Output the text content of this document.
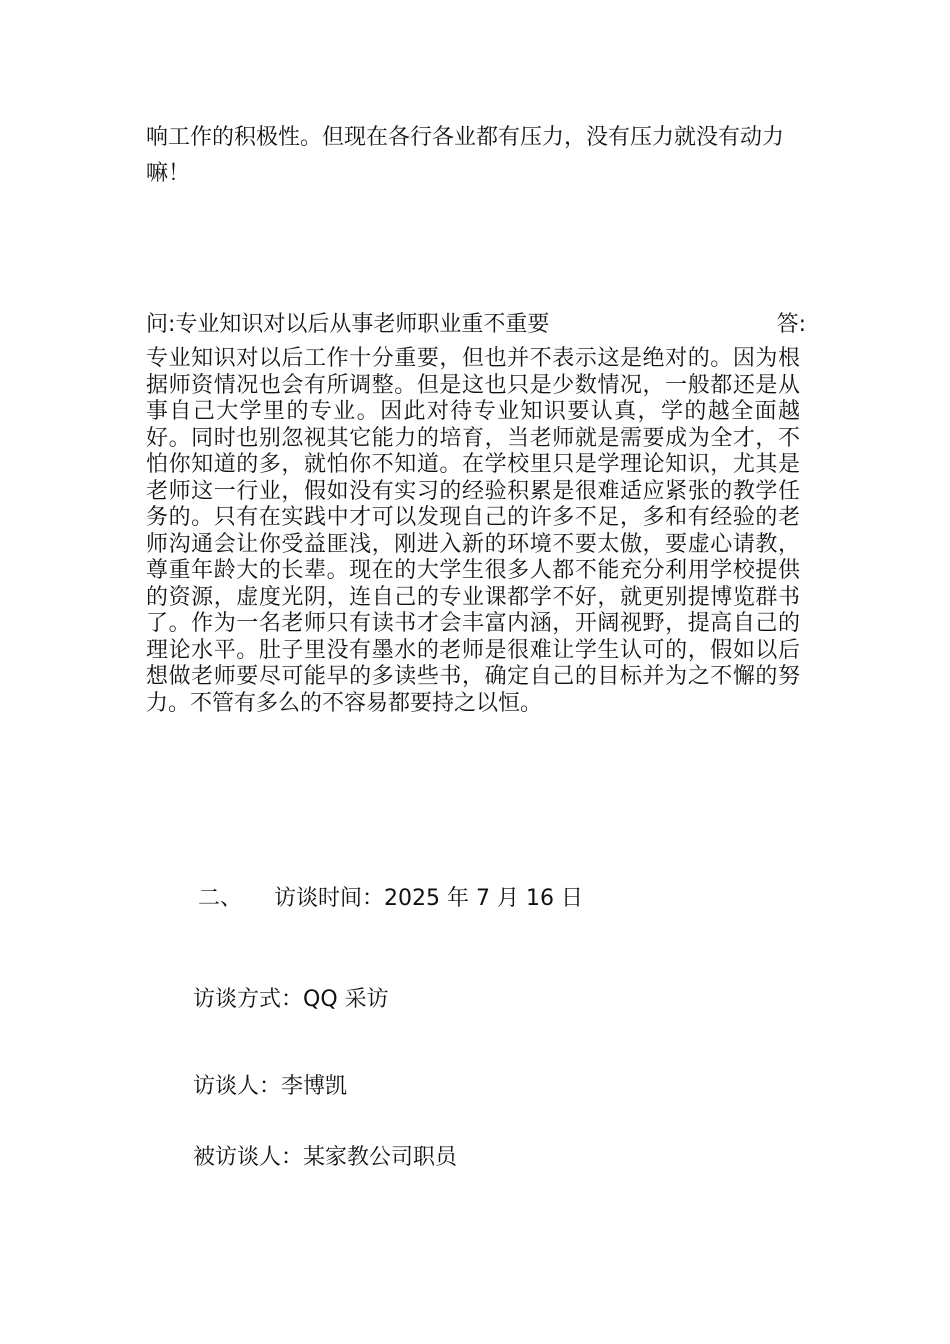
响工作的积极性。但现在各行各业都有压力，没有压力就没有动力嘛！

问:专业知识对以后从事老师职业重不重要	答:

专业知识对以后工作十分重要，但也并不表示这是绝对的。因为根据师资情况也会有所调整。但是这也只是少数情况，一般都还是从事自己大学里的专业。因此对待专业知识要认真，学的越全面越好。同时也别忽视其它能力的培育，当老师就是需要成为全才，不怕你知道的多，就怕你不知道。在学校里只是学理论知识，尤其是老师这一行业，假如没有实习的经验积累是很难适应紧张的教学任务的。只有在实践中才可以发现自己的许多不足，多和有经验的老师沟通会让你受益匪浅，刚进入新的环境不要太傲，要虚心请教，尊重年龄大的长辈。现在的大学生很多人都不能充分利用学校提供的资源，虚度光阴，连自己的专业课都学不好，就更别提博览群书了。作为一名老师只有读书才会丰富内涵，开阔视野，提高自己的理论水平。肚子里没有墨水的老师是很难让学生认可的，假如以后想做老师要尽可能早的多读些书，确定自己的目标并为之不懈的努力。不管有多么的不容易都要持之以恒。

二、 访谈时间：2025 年 7 月 16 日
访谈方式：QQ 采访
访谈人：李博凯
被访谈人：某家教公司职员
